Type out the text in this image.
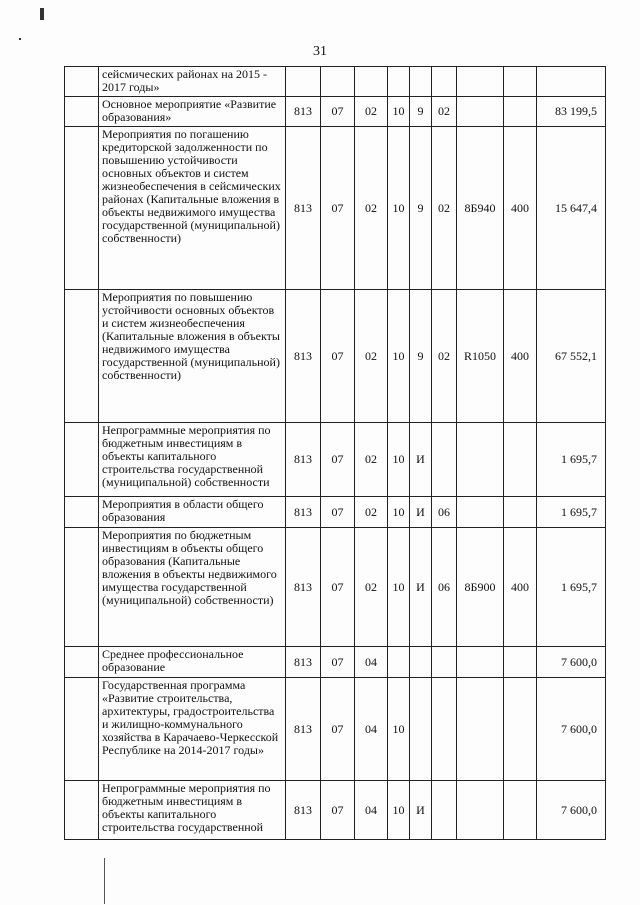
31
	сейсмических районах на 2015 - 2017 годы»									
	Основное мероприятие «Развитие образования»	813	07	02	10	9	02			83 199,5
	Мероприятия по погашению кредиторской задолженности по повышению устойчивости основных объектов и систем жизнеобеспечения в сейсмических районах (Капитальные вложения в объекты недвижимого имущества государственной (муниципальной) собственности)	813	07	02	10	9	02	8Б940	400	15 647,4
	Мероприятия по повышению устойчивости основных объектов и систем жизнеобеспечения (Капитальные вложения в объекты недвижимого имущества государственной (муниципальной) собственности)	813	07	02	10	9	02	R1050	400	67 552,1
	Непрограммные мероприятия по бюджетным инвестициям в объекты капитального строительства государственной (муниципальной) собственности	813	07	02	10	И				1 695,7
	Мероприятия в области общего образования	813	07	02	10	И	06			1 695,7
	Мероприятия по бюджетным инвестициям в объекты общего образования (Капитальные вложения в объекты недвижимого имущества государственной (муниципальной) собственности)	813	07	02	10	И	06	8Б900	400	1 695,7
	Среднее профессиональное образование	813	07	04						7 600,0
	Государственная программа «Развитие строительства, архитектуры, градостроительства и жилищно-коммунального хозяйства в Карачаево-Черкесской Республике на 2014-2017 годы»	813	07	04	10					7 600,0
	Непрограммные мероприятия по бюджетным инвестициям в объекты капитального строительства государственной	813	07	04	10	И				7 600,0
